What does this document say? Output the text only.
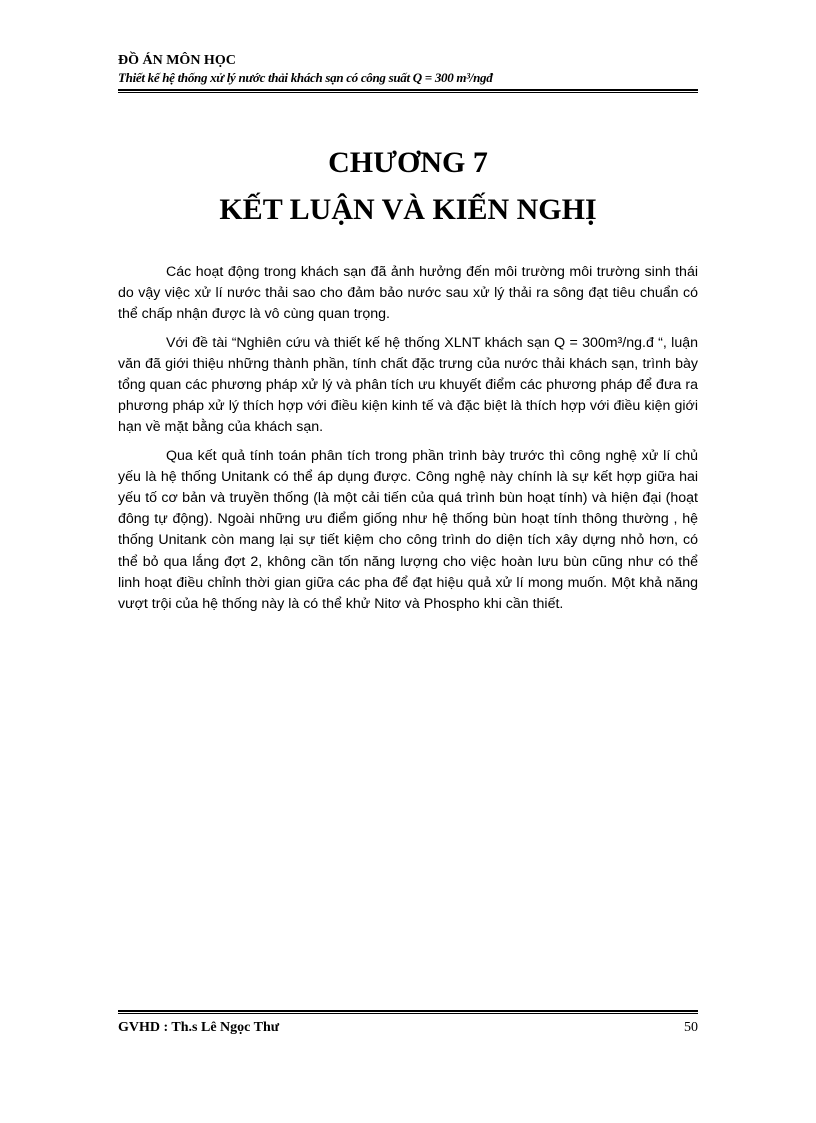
ĐỒ ÁN MÔN HỌC
Thiết kế hệ thống xử lý nước thải khách sạn có công suất Q = 300 m³/ngđ
CHƯƠNG 7
KẾT LUẬN VÀ KIẾN NGHỊ

Các hoạt động trong khách sạn đã ảnh hưởng đến môi trường môi trường sinh thái do vậy việc xử lí nước thải sao cho đảm bảo nước sau xử lý thải ra sông đạt tiêu chuẩn có thể chấp nhận được là vô cùng quan trọng.

Với đề tài “Nghiên cứu và thiết kế hệ thống XLNT khách sạn Q = 300m³/ng.đ “, luận văn đã giới thiệu những thành phần, tính chất đặc trưng của nước thải khách sạn, trình bày tổng quan các phương pháp xử lý và phân tích ưu khuyết điểm các phương pháp để đưa ra phương pháp xử lý thích hợp với điều kiện kinh tế và đặc biệt là thích hợp với điều kiện giới hạn về mặt bằng của khách sạn.

Qua kết quả tính toán phân tích trong phần trình bày trước thì công nghệ xử lí chủ yếu là hệ thống Unitank có thể áp dụng được. Công nghệ này chính là sự kết hợp giữa hai yếu tố cơ bản và truyền thống (là một cải tiến của quá trình bùn hoạt tính) và hiện đại (hoạt đông tự động). Ngoài những ưu điểm giống như hệ thống bùn hoạt tính thông thường , hệ thống Unitank còn mang lại sự tiết kiệm cho công trình do diện tích xây dựng nhỏ hơn, có thể bỏ qua lắng đợt 2, không cần tốn năng lượng cho việc hoàn lưu bùn cũng như có thể linh hoạt điều chỉnh thời gian giữa các pha để đạt hiệu quả xử lí mong muốn. Một khả năng vượt trội của hệ thống này là có thể khử Nitơ và Phospho khi cần thiết.

GVHD : Th.s Lê Ngọc Thư	50
